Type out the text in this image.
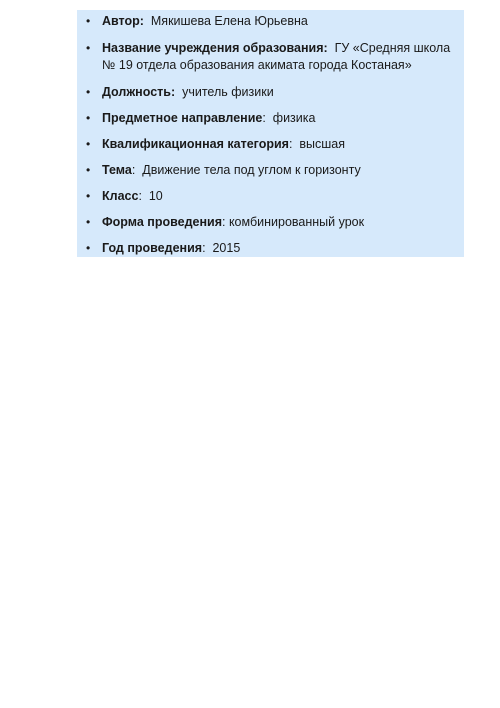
• Автор: Мякишева Елена Юрьевна
• Название учреждения образования: ГУ «Средняя школа № 19 отдела образования акимата города Костаная»
• Должность: учитель физики
• Предметное направление:  физика
• Квалификационная категория:  высшая
• Тема:  Движение тела под углом к горизонту
• Класс:  10
• Форма проведения: комбинированный урок
• Год проведения:  2015
